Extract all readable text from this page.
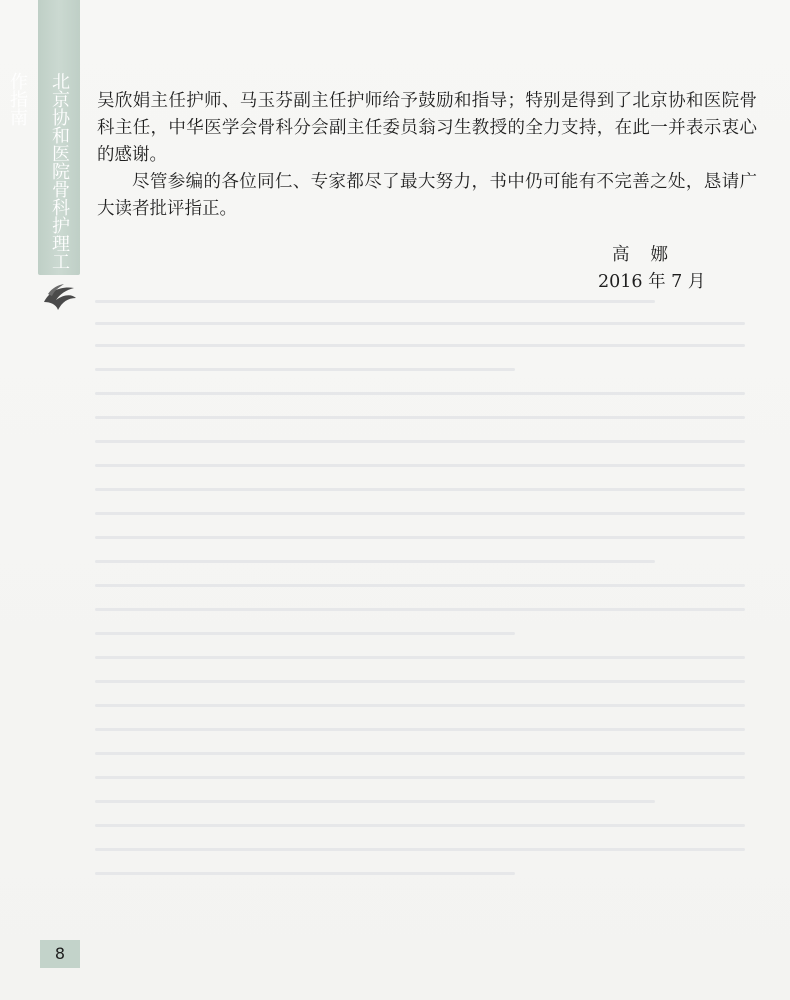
北京协和医院骨科护理工作指南	吴欣娟主任护师、马玉芬副主任护师给予鼓励和指导；特别是得到了北京协和医院骨科主任，中华医学会骨科分会副主任委员翁习生教授的全力支持，在此一并表示衷心的感谢。

尽管参编的各位同仁、专家都尽了最大努力，书中仍可能有不完善之处，恳请广大读者批评指正。

高娜
2016 年 7 月
8
